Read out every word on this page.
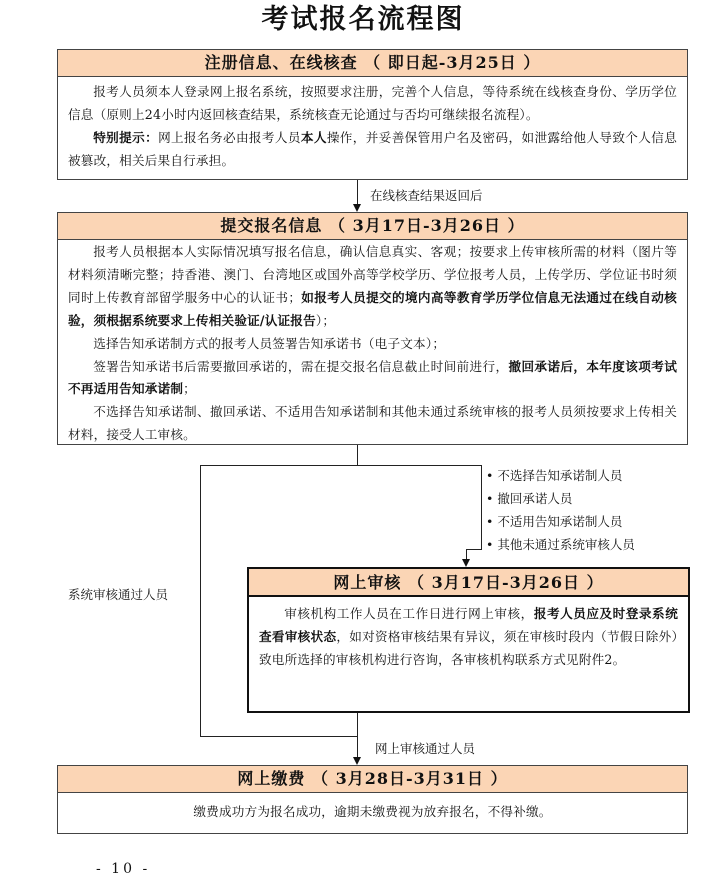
考试报名流程图
注册信息、在线核查 （ 即日起-3月25日 ）

报考人员须本人登录网上报名系统，按照要求注册，完善个人信息，等待系统在线核查身份、学历学位信息（原则上24小时内返回核查结果，系统核查无论通过与否均可继续报名流程）。

特别提示：网上报名务必由报考人员本人操作，并妥善保管用户名及密码，如泄露给他人导致个人信息被篡改，相关后果自行承担。

在线核查结果返回后
提交报名信息 （ 3月17日-3月26日 ）

报考人员根据本人实际情况填写报名信息，确认信息真实、客观；按要求上传审核所需的材料（图片等材料须清晰完整；持香港、澳门、台湾地区或国外高等学校学历、学位报考人员，上传学历、学位证书时须同时上传教育部留学服务中心的认证书；如报考人员提交的境内高等教育学历学位信息无法通过在线自动核验，须根据系统要求上传相关验证/认证报告）；

选择告知承诺制方式的报考人员签署告知承诺书（电子文本）；

签署告知承诺书后需要撤回承诺的，需在提交报名信息截止时间前进行，撤回承诺后，本年度该项考试不再适用告知承诺制；

不选择告知承诺制、撤回承诺、不适用告知承诺制和其他未通过系统审核的报考人员须按要求上传相关材料，接受人工审核。

• 不选择告知承诺制人员
• 撤回承诺人员
• 不适用告知承诺制人员
• 其他未通过系统审核人员
系统审核通过人员
网上审核 （ 3月17日-3月26日 ）

审核机构工作人员在工作日进行网上审核，报考人员应及时登录系统查看审核状态，如对资格审核结果有异议，须在审核时段内（节假日除外）致电所选择的审核机构进行咨询，各审核机构联系方式见附件2。

网上审核通过人员
网上缴费 （ 3月28日-3月31日 ）
缴费成功方为报名成功，逾期未缴费视为放弃报名，不得补缴。
- 10 -
